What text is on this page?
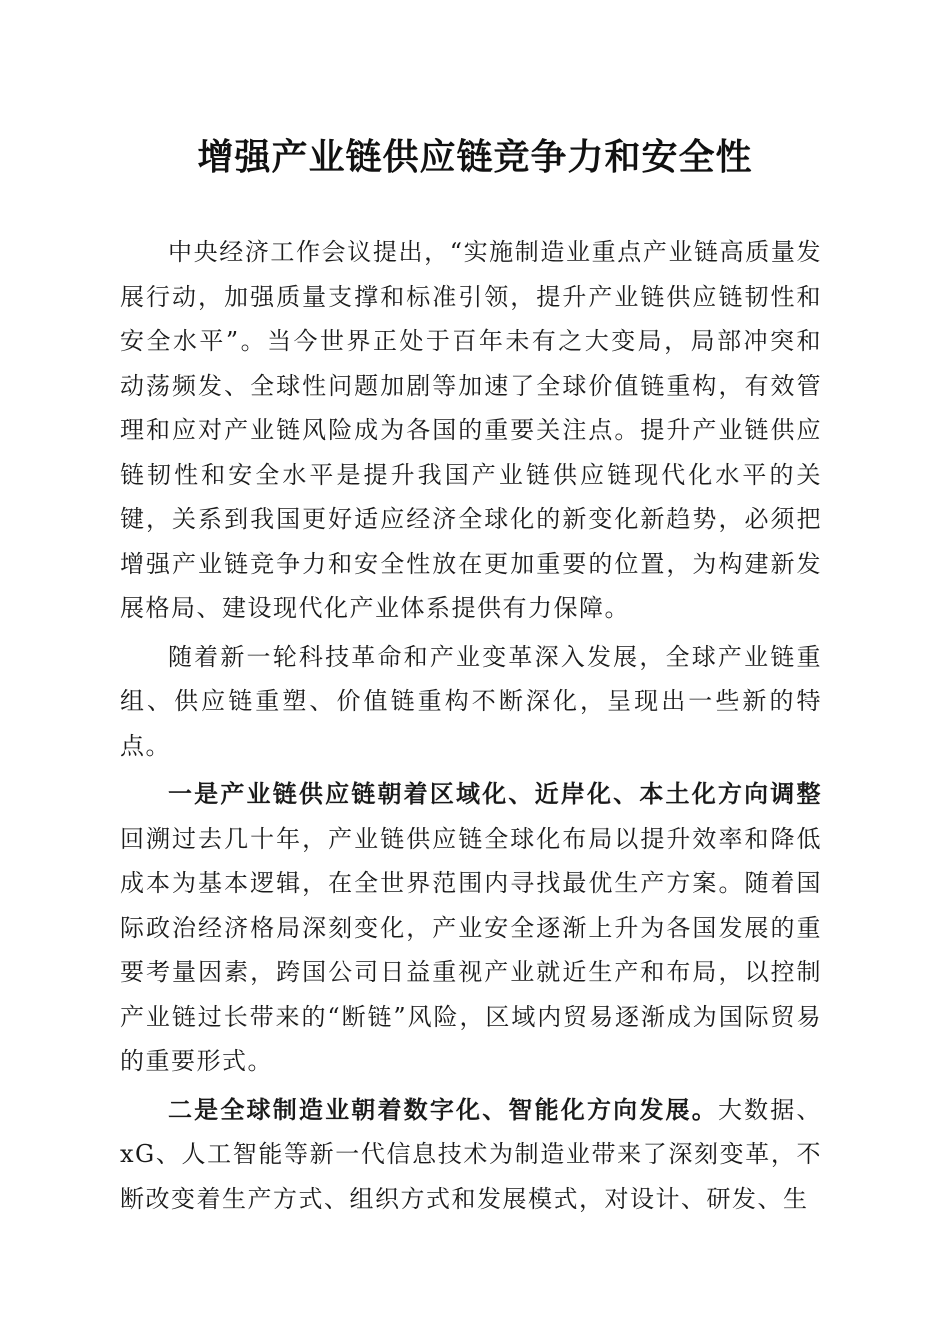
增强产业链供应链竞争力和安全性

中央经济工作会议提出，“实施制造业重点产业链高质量发展行动，加强质量支撑和标准引领，提升产业链供应链韧性和安全水平”。当今世界正处于百年未有之大变局，局部冲突和动荡频发、全球性问题加剧等加速了全球价值链重构，有效管理和应对产业链风险成为各国的重要关注点。提升产业链供应链韧性和安全水平是提升我国产业链供应链现代化水平的关键，关系到我国更好适应经济全球化的新变化新趋势，必须把增强产业链竞争力和安全性放在更加重要的位置，为构建新发展格局、建设现代化产业体系提供有力保障。

随着新一轮科技革命和产业变革深入发展，全球产业链重组、供应链重塑、价值链重构不断深化，呈现出一些新的特点。

一是产业链供应链朝着区域化、近岸化、本土化方向调整回溯过去几十年，产业链供应链全球化布局以提升效率和降低成本为基本逻辑，在全世界范围内寻找最优生产方案。随着国际政治经济格局深刻变化，产业安全逐渐上升为各国发展的重要考量因素，跨国公司日益重视产业就近生产和布局，以控制产业链过长带来的“断链”风险，区域内贸易逐渐成为国际贸易的重要形式。

二是全球制造业朝着数字化、智能化方向发展。大数据、xG、人工智能等新一代信息技术为制造业带来了深刻变革，不断改变着生产方式、组织方式和发展模式，对设计、研发、生
